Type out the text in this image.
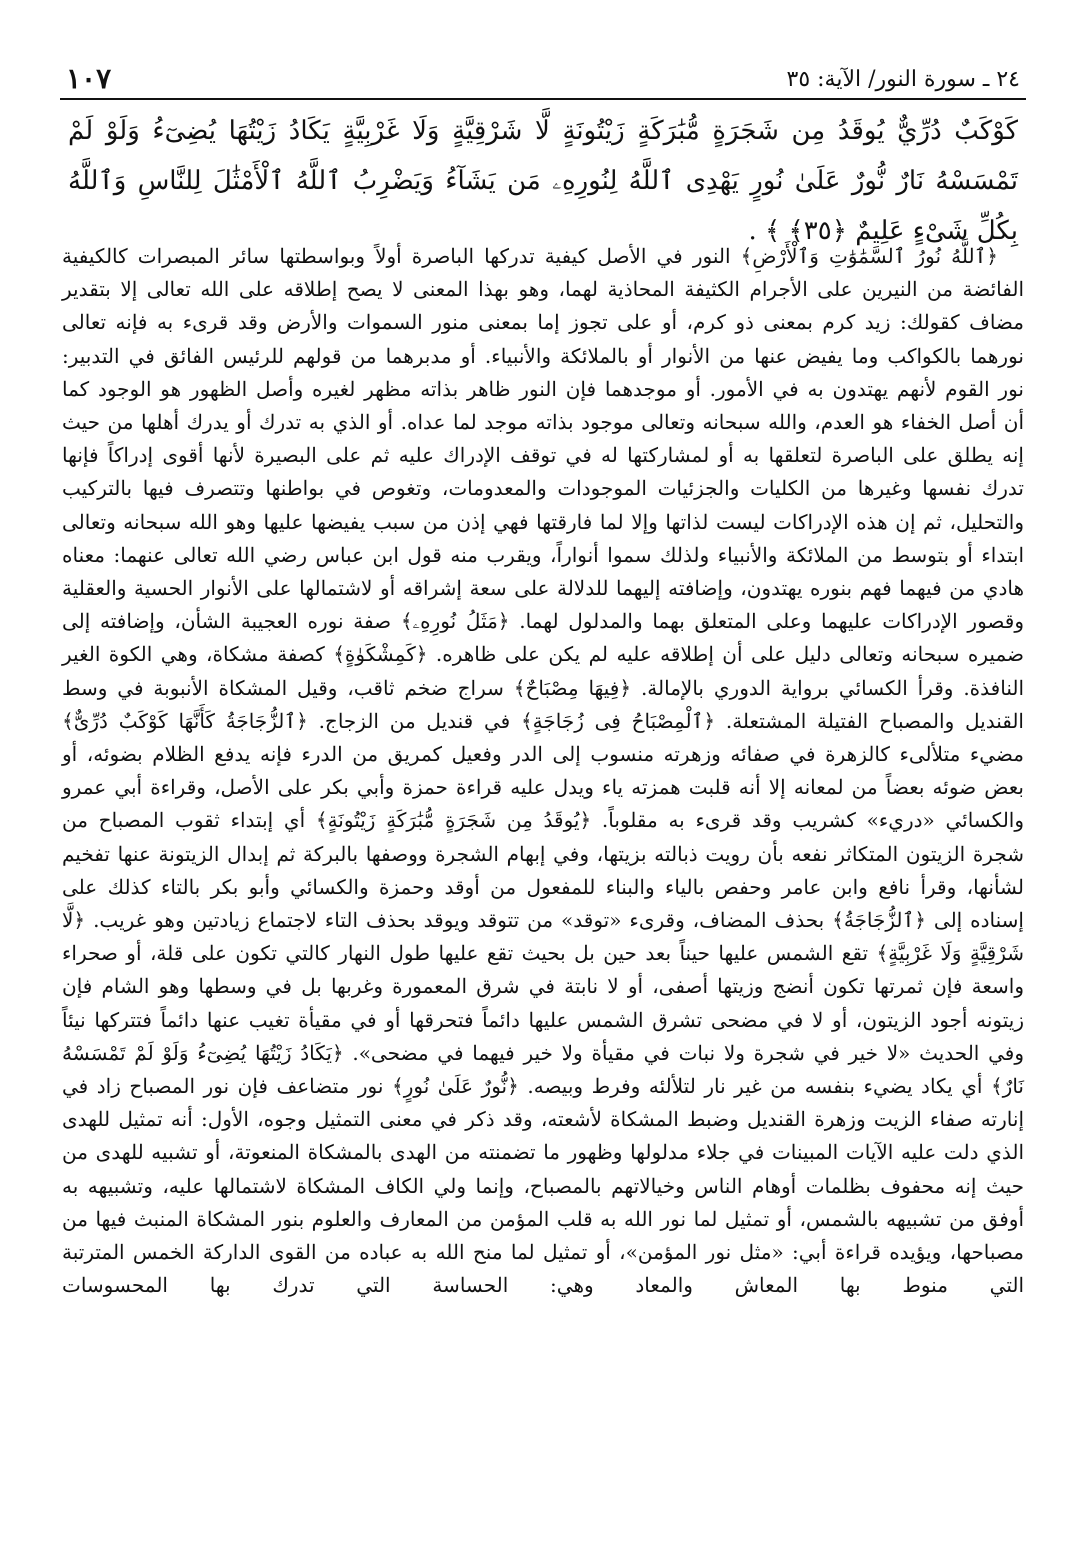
٢٤ ـ سورة النور/ الآية: ٣٥
١٠٧
كَوْكَبٌ دُرِّيٌّ يُوقَدُ مِن شَجَرَةٍ مُّبَٰرَكَةٍ زَيْتُونَةٍ لَّا شَرْقِيَّةٍ وَلَا غَرْبِيَّةٍ يَكَادُ زَيْتُهَا يُضِىٓءُ وَلَوْ لَمْ تَمْسَسْهُ نَارٌ نُّورٌ عَلَىٰ نُورٍ يَهْدِى ٱللَّهُ لِنُورِهِۦ مَن يَشَآءُ وَيَضْرِبُ ٱللَّهُ ٱلْأَمْثَٰلَ لِلنَّاسِ وَٱللَّهُ بِكُلِّ شَىْءٍ عَلِيمٌ ﴿٣٥﴾ ﴾ .

﴿ٱللَّهُ نُورُ ٱلسَّمَٰوَٰتِ وَٱلْأَرْضِ﴾ النور في الأصل كيفية تدركها الباصرة أولاً وبواسطتها سائر المبصرات كالكيفية الفائضة من النيرين على الأجرام الكثيفة المحاذية لهما، وهو بهذا المعنى لا يصح إطلاقه على الله تعالى إلا بتقدير مضاف كقولك: زيد كرم بمعنى ذو كرم، أو على تجوز إما بمعنى منور السموات والأرض وقد قرىء به فإنه تعالى نورهما بالكواكب وما يفيض عنها من الأنوار أو بالملائكة والأنبياء. أو مدبرهما من قولهم للرئيس الفائق في التدبير: نور القوم لأنهم يهتدون به في الأمور. أو موجدهما فإن النور ظاهر بذاته مظهر لغيره وأصل الظهور هو الوجود كما أن أصل الخفاء هو العدم، والله سبحانه وتعالى موجود بذاته موجد لما عداه. أو الذي به تدرك أو يدرك أهلها من حيث إنه يطلق على الباصرة لتعلقها به أو لمشاركتها له في توقف الإدراك عليه ثم على البصيرة لأنها أقوى إدراكاً فإنها تدرك نفسها وغيرها من الكليات والجزئيات الموجودات والمعدومات، وتغوص في بواطنها وتتصرف فيها بالتركيب والتحليل، ثم إن هذه الإدراكات ليست لذاتها وإلا لما فارقتها فهي إذن من سبب يفيضها عليها وهو الله سبحانه وتعالى ابتداء أو بتوسط من الملائكة والأنبياء ولذلك سموا أنواراً، ويقرب منه قول ابن عباس رضي الله تعالى عنهما: معناه هادي من فيهما فهم بنوره يهتدون، وإضافته إليهما للدلالة على سعة إشراقه أو لاشتمالها على الأنوار الحسية والعقلية وقصور الإدراكات عليهما وعلى المتعلق بهما والمدلول لهما. ﴿مَثَلُ نُورِهِۦ﴾ صفة نوره العجيبة الشأن، وإضافته إلى ضميره سبحانه وتعالى دليل على أن إطلاقه عليه لم يكن على ظاهره. ﴿كَمِشْكَوٰةٍ﴾ كصفة مشكاة، وهي الكوة الغير النافذة. وقرأ الكسائي برواية الدوري بالإمالة. ﴿فِيهَا مِصْبَاحٌ﴾ سراج ضخم ثاقب، وقيل المشكاة الأنبوبة في وسط القنديل والمصباح الفتيلة المشتعلة. ﴿ٱلْمِصْبَاحُ فِى زُجَاجَةٍ﴾ في قنديل من الزجاج. ﴿ٱلزُّجَاجَةُ كَأَنَّهَا كَوْكَبٌ دُرِّىٌّ﴾ مضيء متلألىء كالزهرة في صفائه وزهرته منسوب إلى الدر وفعيل كمريق من الدرء فإنه يدفع الظلام بضوئه، أو بعض ضوئه بعضاً من لمعانه إلا أنه قلبت همزته ياء ويدل عليه قراءة حمزة وأبي بكر على الأصل، وقراءة أبي عمرو والكسائي «دريء» كشريب وقد قرىء به مقلوباً. ﴿يُوقَدُ مِن شَجَرَةٍ مُّبَٰرَكَةٍ زَيْتُونَةٍ﴾ أي إبتداء ثقوب المصباح من شجرة الزيتون المتكاثر نفعه بأن رويت ذبالته بزيتها، وفي إبهام الشجرة ووصفها بالبركة ثم إبدال الزيتونة عنها تفخيم لشأنها، وقرأ نافع وابن عامر وحفص بالياء والبناء للمفعول من أوقد وحمزة والكسائي وأبو بكر بالتاء كذلك على إسناده إلى ﴿ٱلزُّجَاجَةُ﴾ بحذف المضاف، وقرىء «توقد» من تتوقد ويوقد بحذف التاء لاجتماع زيادتين وهو غريب. ﴿لَّا شَرْقِيَّةٍ وَلَا غَرْبِيَّةٍ﴾ تقع الشمس عليها حيناً بعد حين بل بحيث تقع عليها طول النهار كالتي تكون على قلة، أو صحراء واسعة فإن ثمرتها تكون أنضج وزيتها أصفى، أو لا نابتة في شرق المعمورة وغربها بل في وسطها وهو الشام فإن زيتونه أجود الزيتون، أو لا في مضحى تشرق الشمس عليها دائماً فتحرقها أو في مقيأة تغيب عنها دائماً فتتركها نيئاً وفي الحديث «لا خير في شجرة ولا نبات في مقيأة ولا خير فيهما في مضحى». ﴿يَكَادُ زَيْتُهَا يُضِىٓءُ وَلَوْ لَمْ تَمْسَسْهُ نَارٌ﴾ أي يكاد يضيء بنفسه من غير نار لتلألئه وفرط وبيصه. ﴿نُّورٌ عَلَىٰ نُورٍ﴾ نور متضاعف فإن نور المصباح زاد في إنارته صفاء الزيت وزهرة القنديل وضبط المشكاة لأشعته، وقد ذكر في معنى التمثيل وجوه، الأول: أنه تمثيل للهدى الذي دلت عليه الآيات المبينات في جلاء مدلولها وظهور ما تضمنته من الهدى بالمشكاة المنعوتة، أو تشبيه للهدى من حيث إنه محفوف بظلمات أوهام الناس وخيالاتهم بالمصباح، وإنما ولي الكاف المشكاة لاشتمالها عليه، وتشبيهه به أوفق من تشبيهه بالشمس، أو تمثيل لما نور الله به قلب المؤمن من المعارف والعلوم بنور المشكاة المنبث فيها من مصباحها، ويؤيده قراءة أبي: «مثل نور المؤمن»، أو تمثيل لما منح الله به عباده من القوى الداركة الخمس المترتبة التي منوط بها المعاش والمعاد وهي: الحساسة التي تدرك بها المحسوسات
